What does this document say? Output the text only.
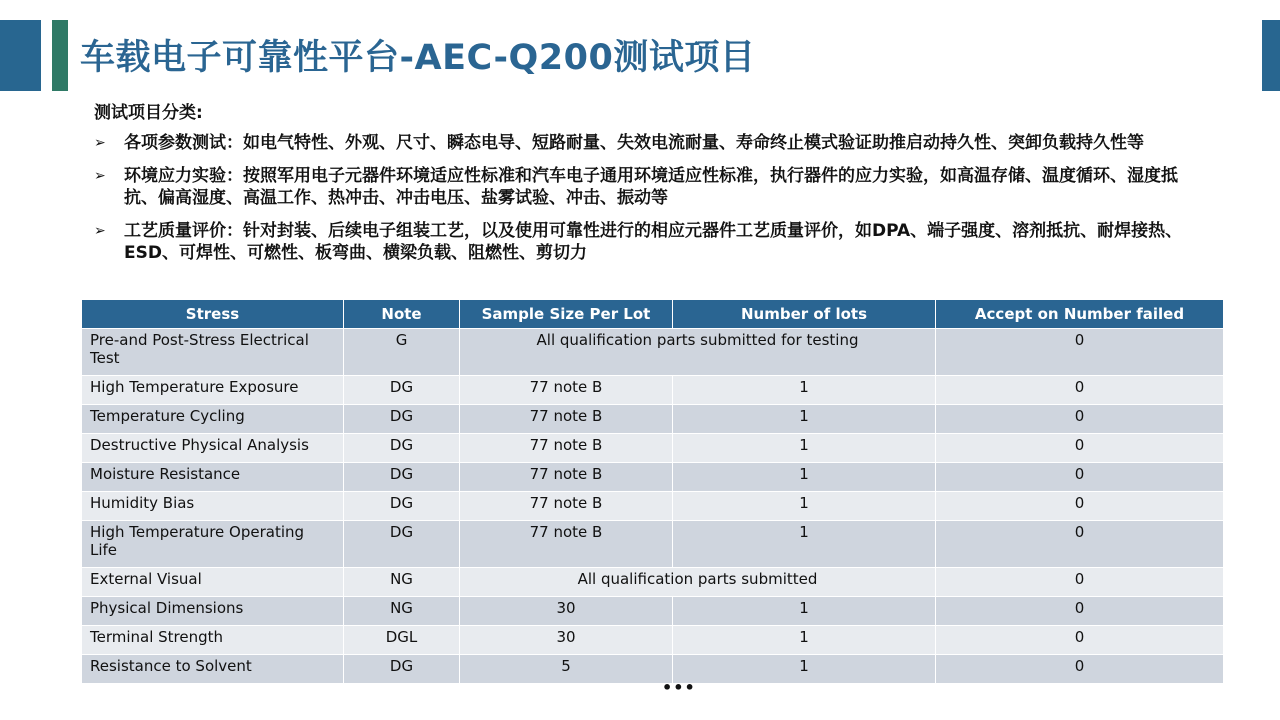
车载电子可靠性平台-AEC-Q200测试项目
测试项目分类:
➢ 各项参数测试：如电气特性、外观、尺寸、瞬态电导、短路耐量、失效电流耐量、寿命终止模式验证助推启动持久性、突卸负载持久性等
➢ 环境应力实验：按照军用电子元器件环境适应性标准和汽车电子通用环境适应性标准，执行器件的应力实验，如高温存储、温度循环、湿度抵抗、偏高湿度、高温工作、热冲击、冲击电压、盐雾试验、冲击、振动等
➢ 工艺质量评价：针对封装、后续电子组装工艺，以及使用可靠性进行的相应元器件工艺质量评价，如DPA、端子强度、溶剂抵抗、耐焊接热、 ESD、可焊性、可燃性、板弯曲、横梁负载、阻燃性、剪切力
Stress	Note	Sample Size Per Lot	Number of lots	Accept on Number failed
Pre-and Post-Stress Electrical Test	G	All qualification parts submitted for testing		0
High Temperature Exposure	DG	77 note B	1	0
Temperature Cycling	DG	77 note B	1	0
Destructive Physical Analysis	DG	77 note B	1	0
Moisture Resistance	DG	77 note B	1	0
Humidity Bias	DG	77 note B	1	0
High Temperature Operating Life	DG	77 note B	1	0
External Visual	NG	All qualification parts submitted		0
Physical Dimensions	NG	30	1	0
Terminal Strength	DGL	30	1	0
Resistance to Solvent	DG	5	1	0
•••
